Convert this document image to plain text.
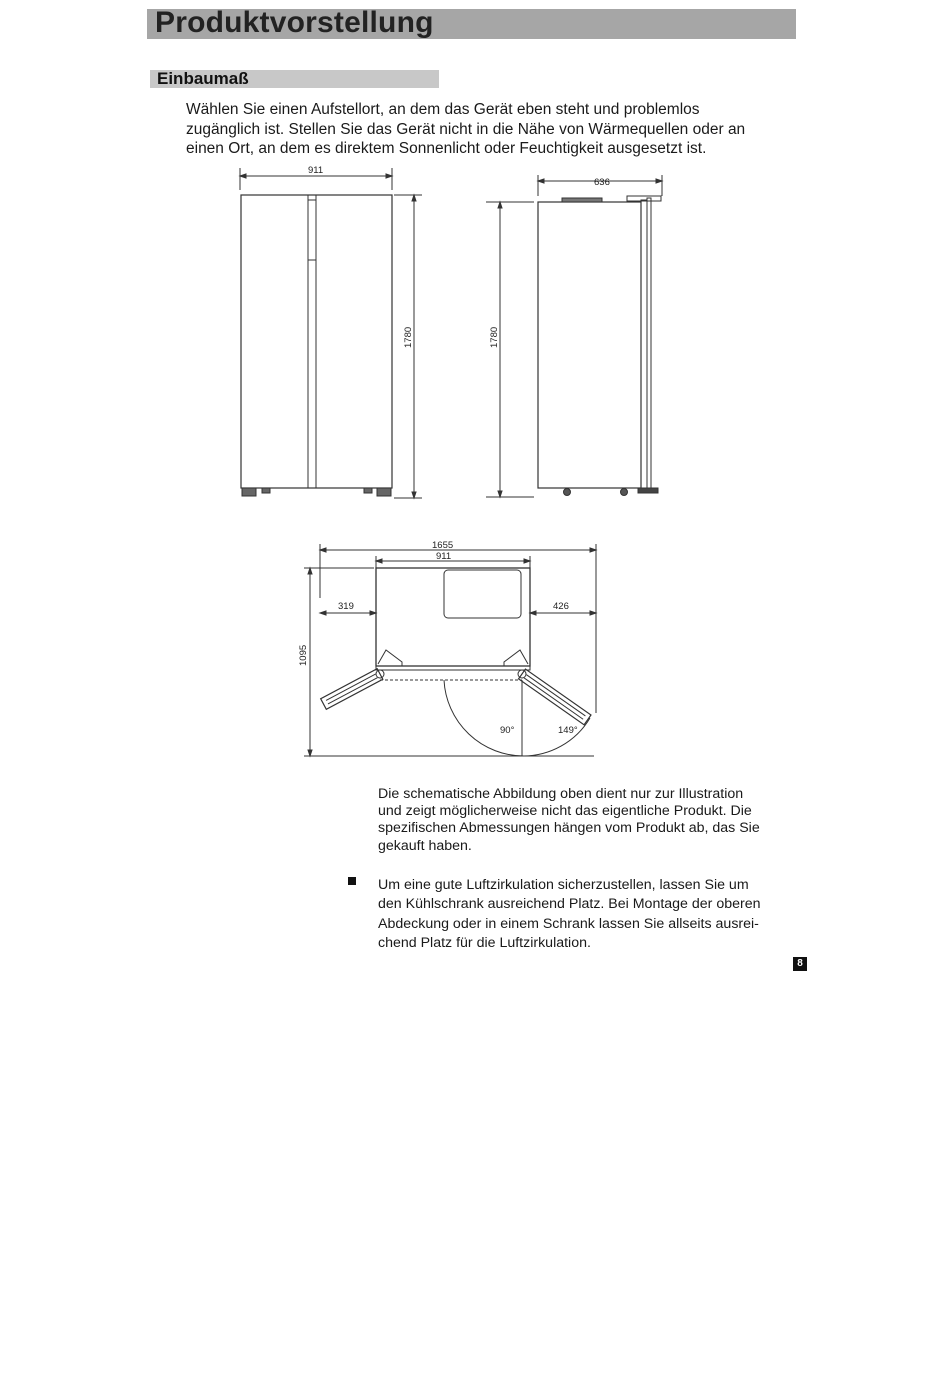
Produktvorstellung
Einbaumaß

Wählen Sie einen Aufstellort, an dem das Gerät eben steht und problemlos

zugänglich ist. Stellen Sie das Gerät nicht in die Nähe von Wärmequellen oder an

einen Ort, an dem es direktem Sonnenlicht oder Feuchtigkeit ausgesetzt ist.

911
1780
636
1780
1655
911
319	426
1095
90°	149°
Die schematische Abbildung oben dient nur zur Illustration
und zeigt möglicherweise nicht das eigentliche Produkt. Die
spezifischen Abmessungen hängen vom Produkt ab, das Sie
gekauft haben.
Um eine gute Luftzirkulation sicherzustellen, lassen Sie um
den Kühlschrank ausreichend Platz. Bei Montage der oberen
Abdeckung oder in einem Schrank lassen Sie allseits ausrei-
chend Platz für die Luftzirkulation.
8
